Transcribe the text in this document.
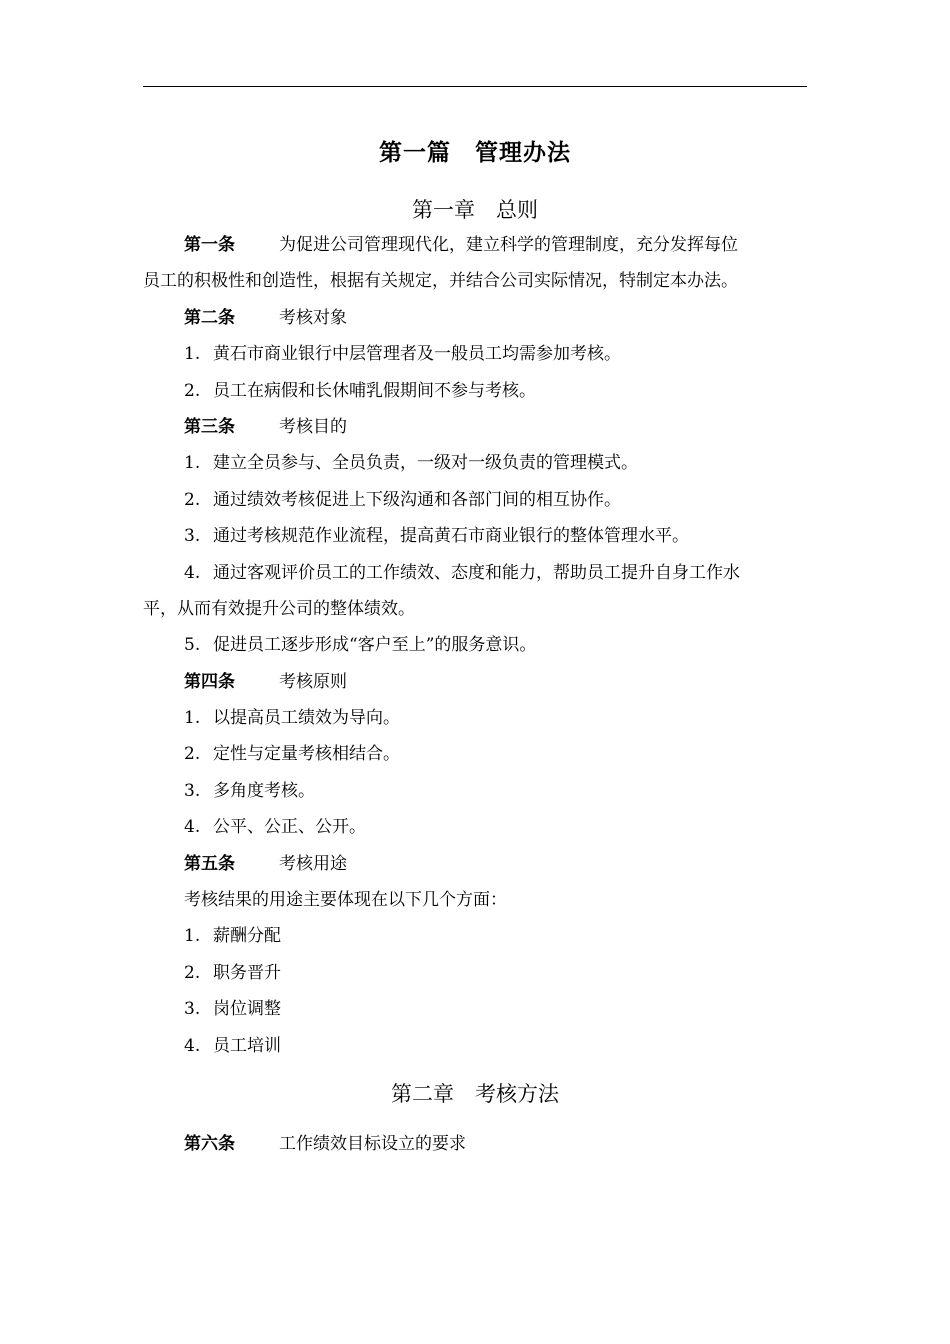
第一篇　管理办法
第一章　总则
第一条	为促进公司管理现代化，建立科学的管理制度，充分发挥每位
员工的积极性和创造性，根据有关规定，并结合公司实际情况，特制定本办法。
第二条	考核对象
1. 黄石市商业银行中层管理者及一般员工均需参加考核。
2. 员工在病假和长休哺乳假期间不参与考核。
第三条	考核目的
1. 建立全员参与、全员负责，一级对一级负责的管理模式。
2. 通过绩效考核促进上下级沟通和各部门间的相互协作。
3. 通过考核规范作业流程，提高黄石市商业银行的整体管理水平。
4. 通过客观评价员工的工作绩效、态度和能力，帮助员工提升自身工作水
平，从而有效提升公司的整体绩效。
5. 促进员工逐步形成“客户至上”的服务意识。
第四条	考核原则
1. 以提高员工绩效为导向。
2. 定性与定量考核相结合。
3. 多角度考核。
4. 公平、公正、公开。
第五条	考核用途
考核结果的用途主要体现在以下几个方面：
1. 薪酬分配
2. 职务晋升
3. 岗位调整
4. 员工培训
第二章　考核方法
第六条	工作绩效目标设立的要求
